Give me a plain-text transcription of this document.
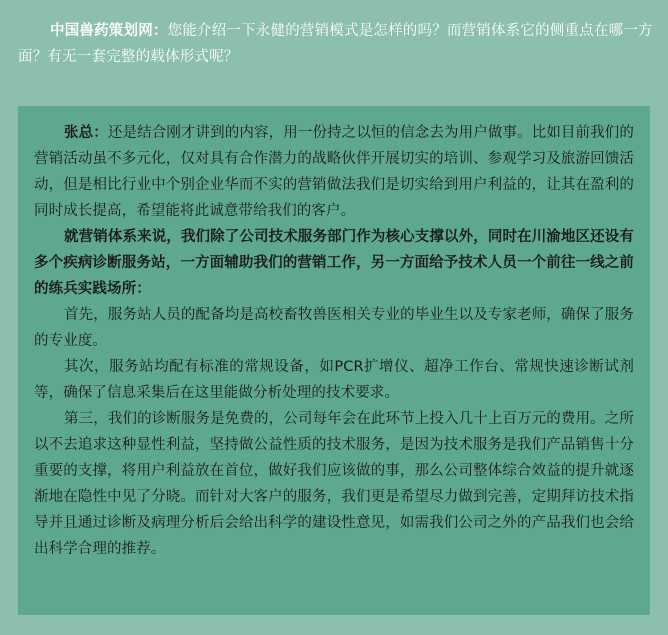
中国兽药策划网：您能介绍一下永健的营销模式是怎样的吗？而营销体系它的侧重点在哪一方面？有无一套完整的载体形式呢？

张总：还是结合刚才讲到的内容，用一份持之以恒的信念去为用户做事。比如目前我们的营销活动虽不多元化，仅对具有合作潜力的战略伙伴开展切实的培训、参观学习及旅游回馈活动，但是相比行业中个别企业华而不实的营销做法我们是切实给到用户利益的，让其在盈利的同时成长提高，希望能将此诚意带给我们的客户。

就营销体系来说，我们除了公司技术服务部门作为核心支撑以外，同时在川渝地区还设有多个疾病诊断服务站，一方面辅助我们的营销工作，另一方面给予技术人员一个前往一线之前的练兵实践场所：

首先，服务站人员的配备均是高校畜牧兽医相关专业的毕业生以及专家老师，确保了服务的专业度。

其次，服务站均配有标准的常规设备，如PCR扩增仪、超净工作台、常规快速诊断试剂等，确保了信息采集后在这里能做分析处理的技术要求。

第三，我们的诊断服务是免费的，公司每年会在此环节上投入几十上百万元的费用。之所以不去追求这种显性利益，坚持做公益性质的技术服务，是因为技术服务是我们产品销售十分重要的支撑，将用户利益放在首位，做好我们应该做的事，那么公司整体综合效益的提升就逐渐地在隐性中见了分晓。而针对大客户的服务，我们更是希望尽力做到完善，定期拜访技术指导并且通过诊断及病理分析后会给出科学的建设性意见，如需我们公司之外的产品我们也会给出科学合理的推荐。
